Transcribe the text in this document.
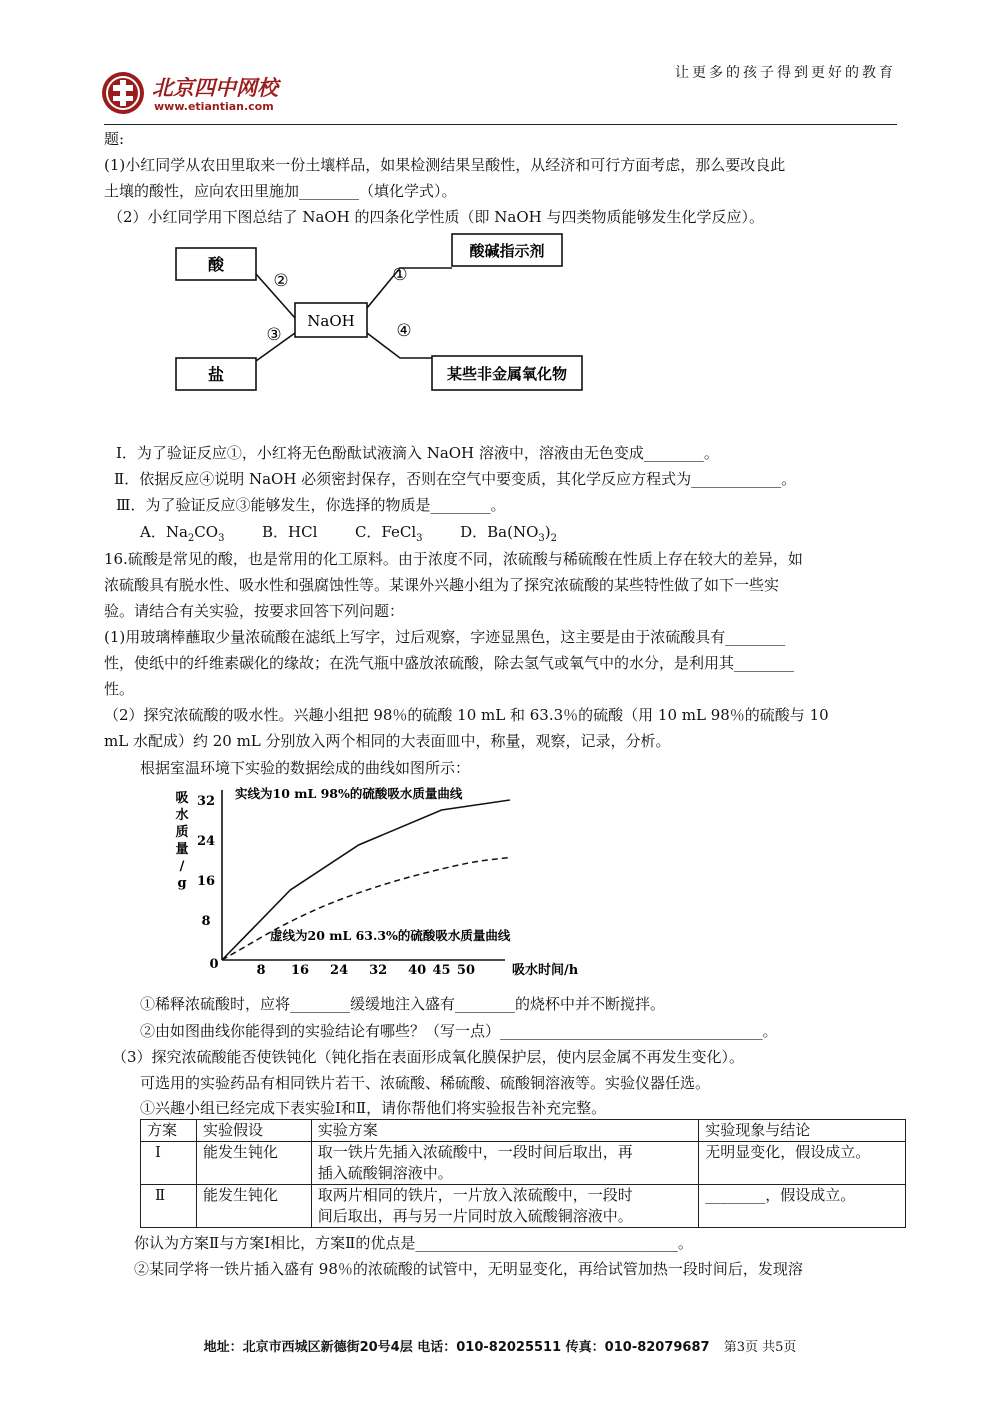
北京四中网校
www.etiantian.com
让更多的孩子得到更好的教育
题:
(1)小红同学从农田里取来一份土壤样品，如果检测结果呈酸性，从经济和可行方面考虑，那么要改良此
土壤的酸性，应向农田里施加________（填化学式）。
（2）小红同学用下图总结了 NaOH 的四条化学性质（即 NaOH 与四类物质能够发生化学反应）。
酸
NaOH
酸碱指示剂
盐	某些非金属氧化物
②	①
③	④
Ⅰ．为了验证反应①，小红将无色酚酞试液滴入 NaOH 溶液中，溶液由无色变成________。
Ⅱ．依据反应④说明 NaOH 必须密封保存，否则在空气中要变质，其化学反应方程式为____________。
Ⅲ．为了验证反应③能够发生，你选择的物质是________。
A．$Na_2CO_3$	B．HCl	C．FeCl$_3$	D．$Ba(NO_3)_2$
16.硫酸是常见的酸，也是常用的化工原料。由于浓度不同，浓硫酸与稀硫酸在性质上存在较大的差异，如
浓硫酸具有脱水性、吸水性和强腐蚀性等。某课外兴趣小组为了探究浓硫酸的某些特性做了如下一些实
验。请结合有关实验，按要求回答下列问题：
(1)用玻璃棒蘸取少量浓硫酸在滤纸上写字，过后观察，字迹显黑色，这主要是由于浓硫酸具有________
性，使纸中的纤维素碳化的缘故；在洗气瓶中盛放浓硫酸，除去氢气或氧气中的水分，是利用其________
性。
（2）探究浓硫酸的吸水性。兴趣小组把 98％的硫酸 10 mL 和 63.3％的硫酸（用 10 mL 98％的硫酸与 10
mL 水配成）约 20 mL 分别放入两个相同的大表面皿中，称量，观察，记录，分析。
根据室温环境下实验的数据绘成的曲线如图所示：
吸
水
质
量
/
g
32
24
16
8
8 16 24 32 40 45 50
0	吸水时间/h
实线为10 mL 98%的硫酸吸水质量曲线
虚线为20 mL 63.3%的硫酸吸水质量曲线
①稀释浓硫酸时，应将________缓缓地注入盛有________的烧杯中并不断搅拌。
②由如图曲线你能得到的实验结论有哪些？（写一点）___________________________________。
（3）探究浓硫酸能否使铁钝化（钝化指在表面形成氧化膜保护层，使内层金属不再发生变化）。
可选用的实验药品有相同铁片若干、浓硫酸、稀硫酸、硫酸铜溶液等。实验仪器任选。
①兴趣小组已经完成下表实验Ⅰ和Ⅱ，请你帮他们将实验报告补充完整。
方案	实验假设	实验方案	实验现象与结论
Ⅰ	能发生钝化	取一铁片先插入浓硫酸中，一段时间后取出，再
插入硫酸铜溶液中。	无明显变化，假设成立。
Ⅱ	能发生钝化	取两片相同的铁片，一片放入浓硫酸中，一段时
间后取出，再与另一片同时放入硫酸铜溶液中。	________，假设成立。
你认为方案Ⅱ与方案Ⅰ相比，方案Ⅱ的优点是___________________________________。
②某同学将一铁片插入盛有 98％的浓硫酸的试管中，无明显变化，再给试管加热一段时间后，发现溶
地址：北京市西城区新德街20号4层 电话：010-82025511 传真：010-82079687 第3页 共5页
